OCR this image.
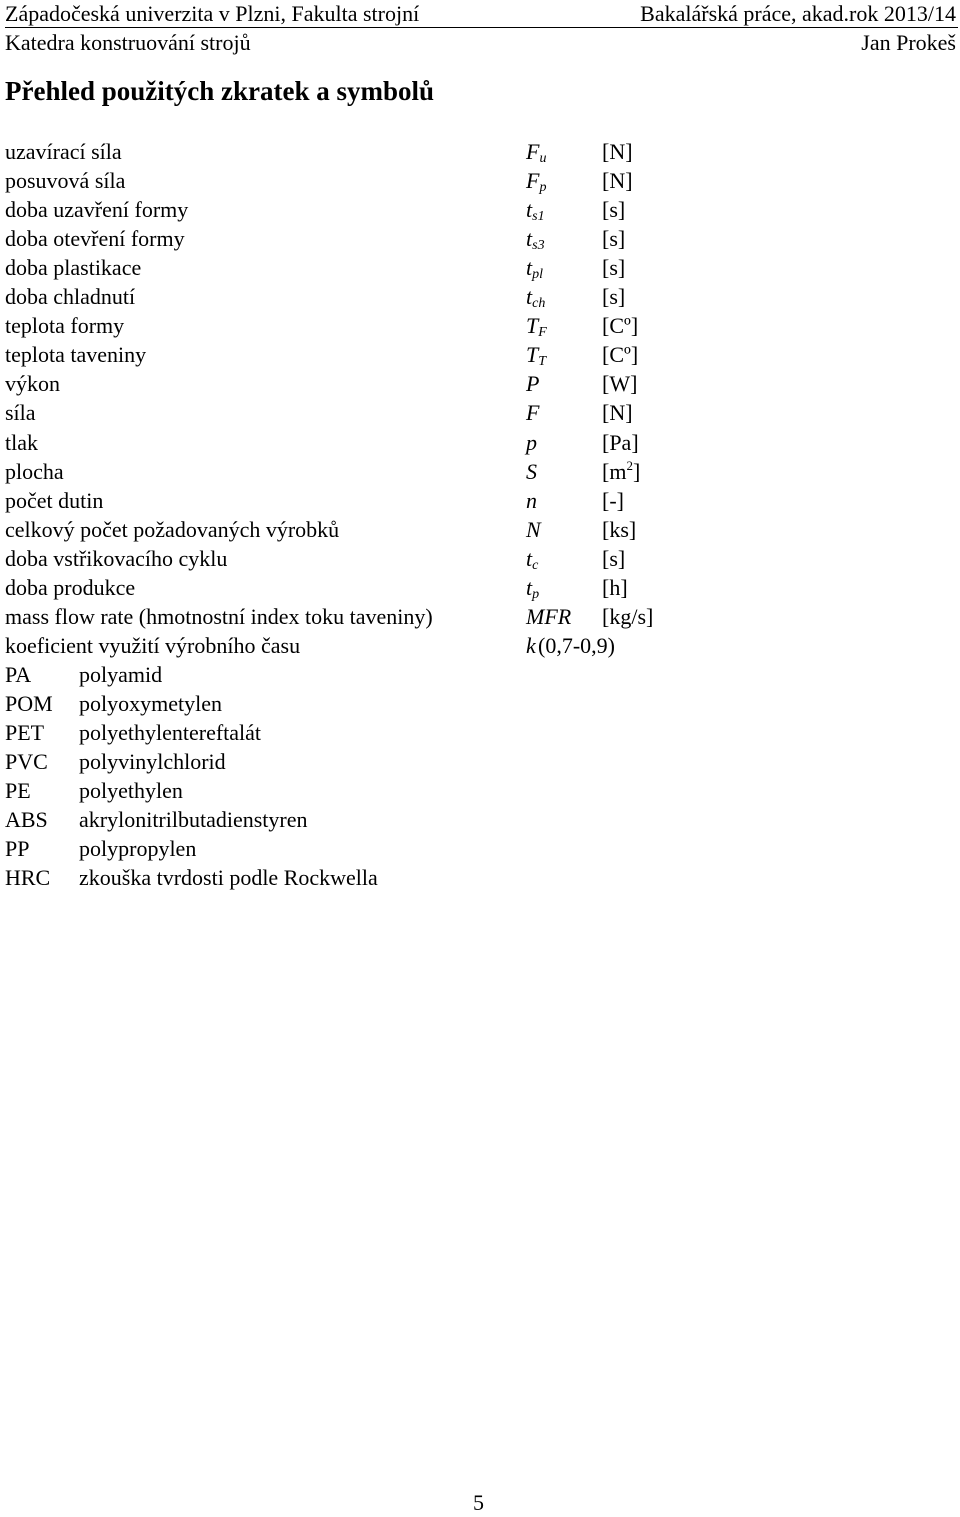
Západočeská univerzita v Plzni, Fakulta strojní	Bakalářská práce, akad.rok 2013/14
Katedra konstruování strojů	Jan Prokeš
Přehled použitých zkratek a symbolů
uzavírací síla	$F_u$	[N]
posuvová síla	$F_p$	[N]
doba uzavření formy	$t_{s1}$	[s]
doba otevření formy	$t_{s3}$	[s]
doba plastikace	$t_{pl}$	[s]
doba chladnutí	$t_{ch}$	[s]
teplota formy	$T_F$	[Cº]
teplota taveniny	$T_T$	[Cº]
výkon	P	[W]
síla	F	[N]
tlak	p	[Pa]
plocha	S	$[m^2]$
počet dutin	n	[-]
celkový počet požadovaných výrobků	N	[ks]
doba vstřikovacího cyklu	$t_c$	[s]
doba produkce	$t_p$	[h]
mass flow rate (hmotnostní index toku taveniny)	MFR [kg/s]
koeficient využití výrobního času	k (0,7-0,9)
PA polyamid
POM polyoxymetylen
PET polyethylentereftalát
PVC polyvinylchlorid
PE polyethylen
ABS akrylonitrilbutadienstyren
PP polypropylen
HRC zkouška tvrdosti podle Rockwella
5
